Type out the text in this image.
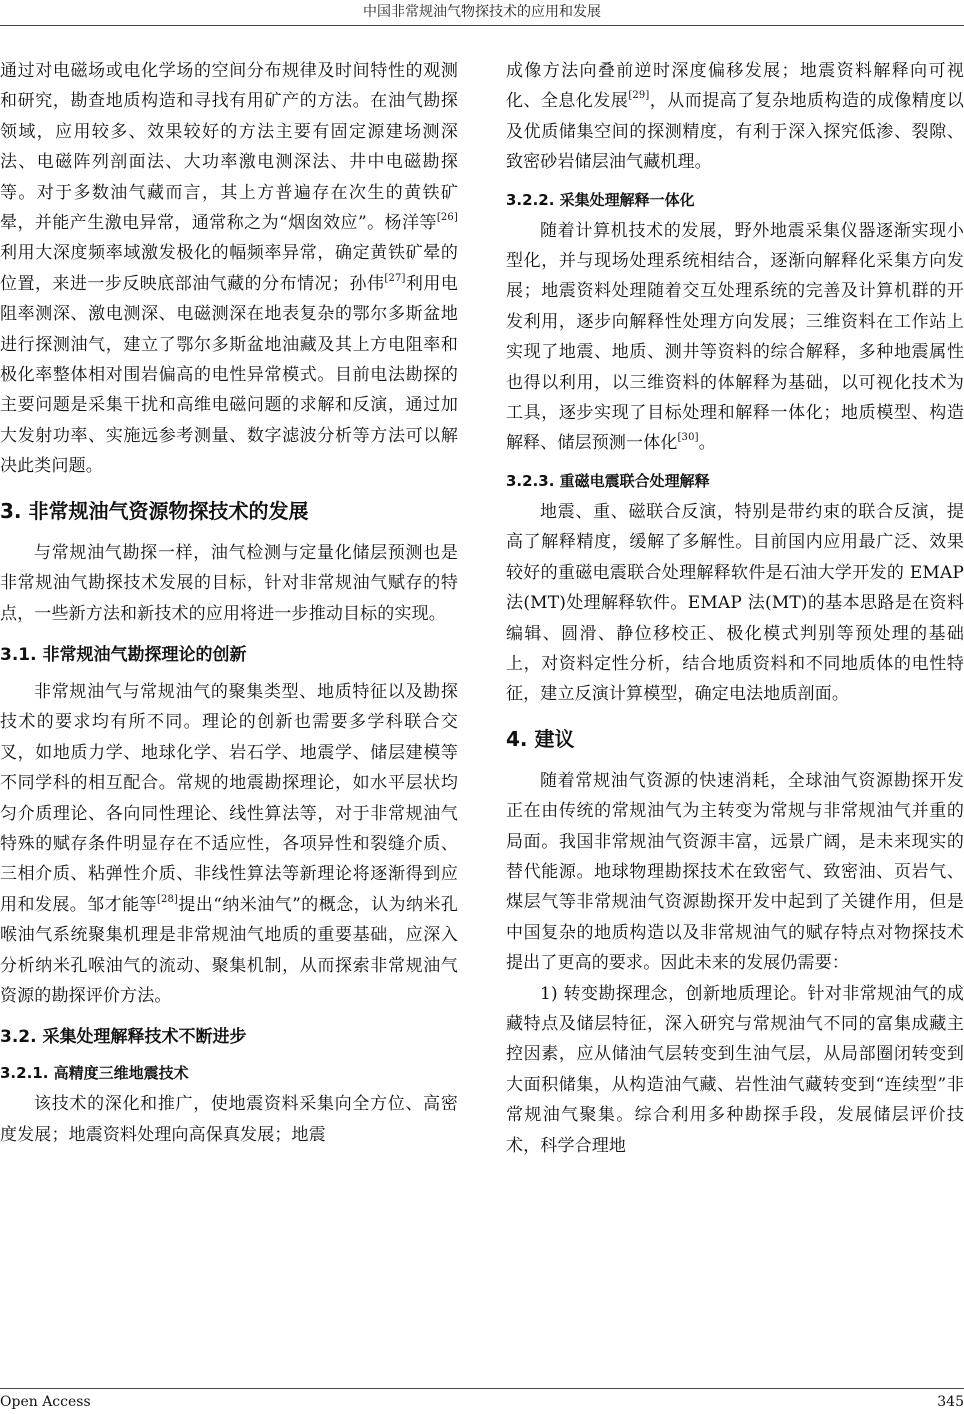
中国非常规油气物探技术的应用和发展

通过对电磁场或电化学场的空间分布规律及时间特性的观测和研究，勘查地质构造和寻找有用矿产的方法。在油气勘探领域，应用较多、效果较好的方法主要有固定源建场测深法、电磁阵列剖面法、大功率激电测深法、井中电磁勘探等。对于多数油气藏而言，其上方普遍存在次生的黄铁矿晕，并能产生激电异常，通常称之为“烟囱效应”。杨洋等[26]利用大深度频率域激发极化的幅频率异常，确定黄铁矿晕的位置，来进一步反映底部油气藏的分布情况；孙伟[27]利用电阻率测深、激电测深、电磁测深在地表复杂的鄂尔多斯盆地进行探测油气，建立了鄂尔多斯盆地油藏及其上方电阻率和极化率整体相对围岩偏高的电性异常模式。目前电法勘探的主要问题是采集干扰和高维电磁问题的求解和反演，通过加大发射功率、实施远参考测量、数字滤波分析等方法可以解决此类问题。

3. 非常规油气资源物探技术的发展

与常规油气勘探一样，油气检测与定量化储层预测也是非常规油气勘探技术发展的目标，针对非常规油气赋存的特点，一些新方法和新技术的应用将进一步推动目标的实现。

3.1. 非常规油气勘探理论的创新

非常规油气与常规油气的聚集类型、地质特征以及勘探技术的要求均有所不同。理论的创新也需要多学科联合交叉，如地质力学、地球化学、岩石学、地震学、储层建模等不同学科的相互配合。常规的地震勘探理论，如水平层状均匀介质理论、各向同性理论、线性算法等，对于非常规油气特殊的赋存条件明显存在不适应性，各项异性和裂缝介质、三相介质、粘弹性介质、非线性算法等新理论将逐渐得到应用和发展。邹才能等[28]提出“纳米油气”的概念，认为纳米孔喉油气系统聚集机理是非常规油气地质的重要基础，应深入分析纳米孔喉油气的流动、聚集机制，从而探索非常规油气资源的勘探评价方法。

3.2. 采集处理解释技术不断进步
3.2.1. 高精度三维地震技术

该技术的深化和推广，使地震资料采集向全方位、高密度发展；地震资料处理向高保真发展；地震

成像方法向叠前逆时深度偏移发展；地震资料解释向可视化、全息化发展[29]，从而提高了复杂地质构造的成像精度以及优质储集空间的探测精度，有利于深入探究低渗、裂隙、致密砂岩储层油气藏机理。

3.2.2. 采集处理解释一体化

随着计算机技术的发展，野外地震采集仪器逐渐实现小型化，并与现场处理系统相结合，逐渐向解释化采集方向发展；地震资料处理随着交互处理系统的完善及计算机群的开发利用，逐步向解释性处理方向发展；三维资料在工作站上实现了地震、地质、测井等资料的综合解释，多种地震属性也得以利用，以三维资料的体解释为基础，以可视化技术为工具，逐步实现了目标处理和解释一体化；地质模型、构造解释、储层预测一体化[30]。

3.2.3. 重磁电震联合处理解释

地震、重、磁联合反演，特别是带约束的联合反演，提高了解释精度，缓解了多解性。目前国内应用最广泛、效果较好的重磁电震联合处理解释软件是石油大学开发的 EMAP 法(MT)处理解释软件。EMAP 法(MT)的基本思路是在资料编辑、圆滑、静位移校正、极化模式判别等预处理的基础上，对资料定性分析，结合地质资料和不同地质体的电性特征，建立反演计算模型，确定电法地质剖面。

4. 建议

随着常规油气资源的快速消耗，全球油气资源勘探开发正在由传统的常规油气为主转变为常规与非常规油气并重的局面。我国非常规油气资源丰富，远景广阔，是未来现实的替代能源。地球物理勘探技术在致密气、致密油、页岩气、煤层气等非常规油气资源勘探开发中起到了关键作用，但是中国复杂的地质构造以及非常规油气的赋存特点对物探技术提出了更高的要求。因此未来的发展仍需要：

1) 转变勘探理念，创新地质理论。针对非常规油气的成藏特点及储层特征，深入研究与常规油气不同的富集成藏主控因素，应从储油气层转变到生油气层，从局部圈闭转变到大面积储集，从构造油气藏、岩性油气藏转变到“连续型”非常规油气聚集。综合利用多种勘探手段，发展储层评价技术，科学合理地

Open Access	345
